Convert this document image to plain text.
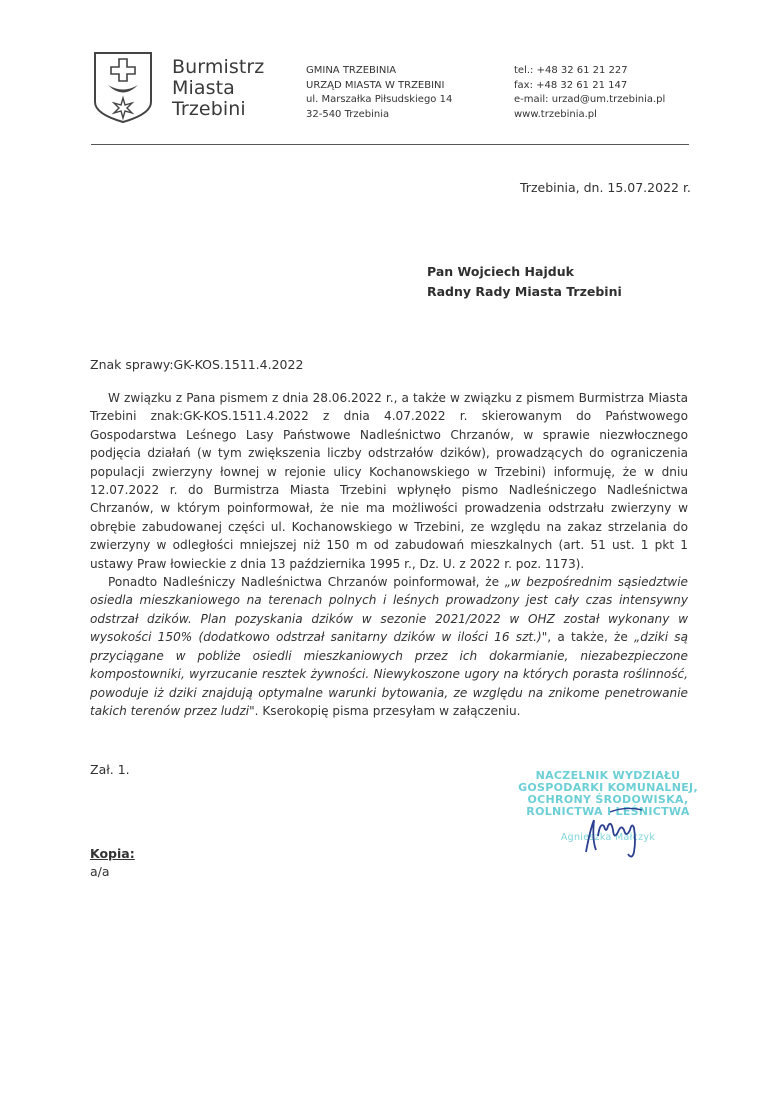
Burmistrz
Miasta
Trzebini
GMINA TRZEBINIA
URZĄD MIASTA W TRZEBINI
ul. Marszałka Piłsudskiego 14
32-540 Trzebinia
tel.: +48 32 61 21 227
fax: +48 32 61 21 147
e-mail: urzad@um.trzebinia.pl
www.trzebinia.pl
Trzebinia, dn. 15.07.2022 r.
Pan Wojciech Hajduk
Radny Rady Miasta Trzebini
Znak sprawy:GK-KOS.1511.4.2022

W związku z Pana pismem z dnia 28.06.2022 r., a także w związku z pismem Burmistrza Miasta Trzebini znak:GK-KOS.1511.4.2022 z dnia 4.07.2022 r. skierowanym do Państwowego Gospodarstwa Leśnego Lasy Państwowe Nadleśnictwo Chrzanów, w sprawie niezwłocznego podjęcia działań (w tym zwiększenia liczby odstrzałów dzików), prowadzących do ograniczenia populacji zwierzyny łownej w rejonie ulicy Kochanowskiego w Trzebini) informuję, że w dniu 12.07.2022 r. do Burmistrza Miasta Trzebini wpłynęło pismo Nadleśniczego Nadleśnictwa Chrzanów, w którym poinformował, że nie ma możliwości prowadzenia odstrzału zwierzyny w obrębie zabudowanej części ul. Kochanowskiego w Trzebini, ze względu na zakaz strzelania do zwierzyny w odległości mniejszej niż 150 m od zabudowań mieszkalnych (art. 51 ust. 1 pkt 1 ustawy Praw łowieckie z dnia 13 października 1995 r., Dz. U. z 2022 r. poz. 1173).

Ponadto Nadleśniczy Nadleśnictwa Chrzanów poinformował, że „w bezpośrednim sąsiedztwie osiedla mieszkaniowego na terenach polnych i leśnych prowadzony jest cały czas intensywny odstrzał dzików. Plan pozyskania dzików w sezonie 2021/2022 w OHZ został wykonany w wysokości 150% (dodatkowo odstrzał sanitarny dzików w ilości 16 szt.)", a także, że „dziki są przyciągane w pobliże osiedli mieszkaniowych przez ich dokarmianie, niezabezpieczone kompostowniki, wyrzucanie resztek żywności. Niewykoszone ugory na których porasta roślinność, powoduje iż dziki znajdują optymalne warunki bytowania, ze względu na znikome penetrowanie takich terenów przez ludzi". Kserokopię pisma przesyłam w załączeniu.

Zał. 1.	NACZELNIK WYDZIAŁU
GOSPODARKI KOMUNALNEJ,
OCHRONY ŚRODOWISKA,
ROLNICTWA I LEŚNICTWA
Agnieszka Małczyk
Kopia:
a/a
